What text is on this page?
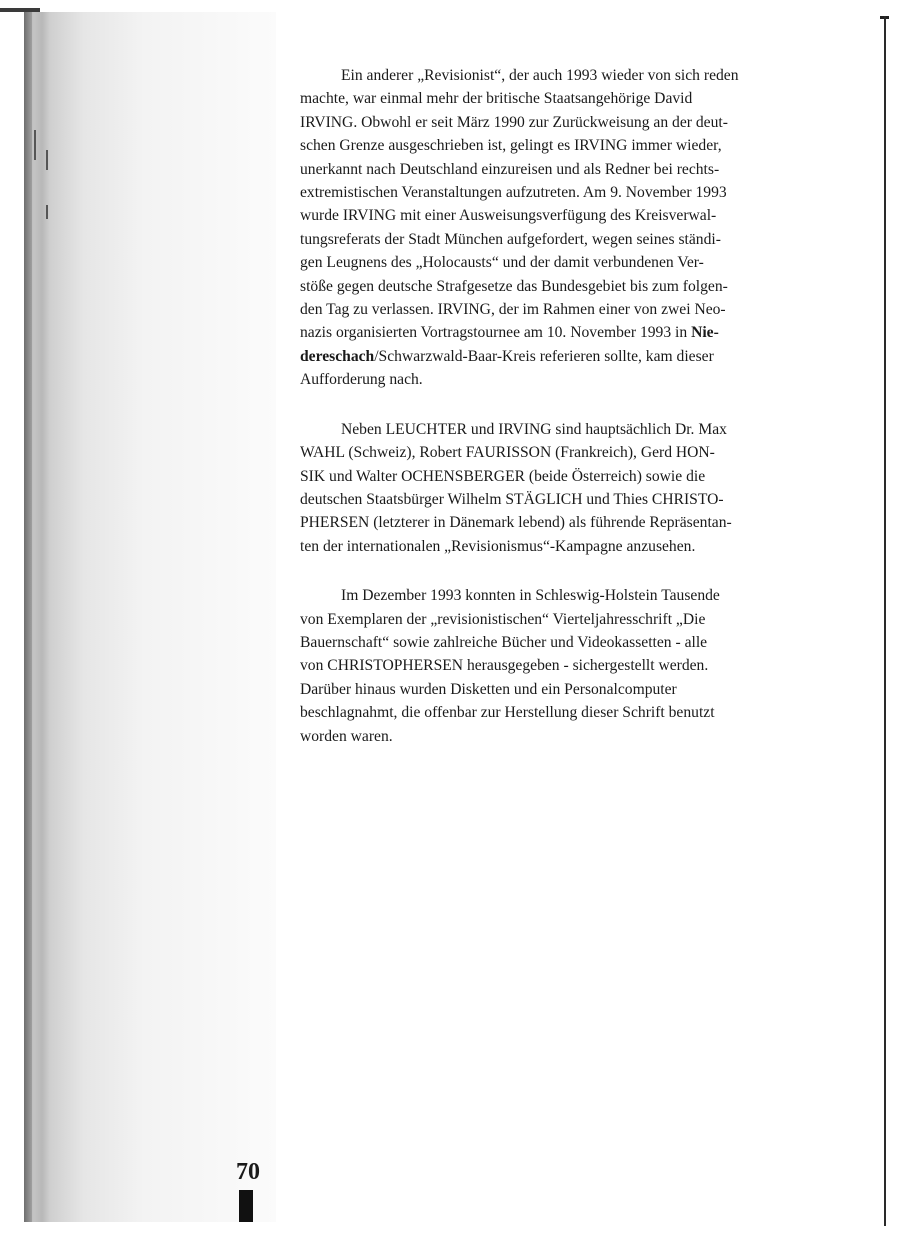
Ein anderer „Revisionist“, der auch 1993 wieder von sich reden
machte, war einmal mehr der britische Staatsangehörige David
IRVING. Obwohl er seit März 1990 zur Zurückweisung an der deut-
schen Grenze ausgeschrieben ist, gelingt es IRVING immer wieder,
unerkannt nach Deutschland einzureisen und als Redner bei rechts-
extremistischen Veranstaltungen aufzutreten. Am 9. November 1993
wurde IRVING mit einer Ausweisungsverfügung des Kreisverwal-
tungsreferats der Stadt München aufgefordert, wegen seines ständi-
gen Leugnens des „Holocausts“ und der damit verbundenen Ver-
stöße gegen deutsche Strafgesetze das Bundesgebiet bis zum folgen-
den Tag zu verlassen. IRVING, der im Rahmen einer von zwei Neo-
nazis organisierten Vortragstournee am 10. November 1993 in Nie-
dereschach/Schwarzwald-Baar-Kreis referieren sollte, kam dieser
Aufforderung nach.

Neben LEUCHTER und IRVING sind hauptsächlich Dr. Max
WAHL (Schweiz), Robert FAURISSON (Frankreich), Gerd HON-
SIK und Walter OCHENSBERGER (beide Österreich) sowie die
deutschen Staatsbürger Wilhelm STÄGLICH und Thies CHRISTO-
PHERSEN (letzterer in Dänemark lebend) als führende Repräsentan-
ten der internationalen „Revisionismus“-Kampagne anzusehen.

Im Dezember 1993 konnten in Schleswig-Holstein Tausende
von Exemplaren der „revisionistischen“ Vierteljahresschrift „Die
Bauernschaft“ sowie zahlreiche Bücher und Videokassetten - alle
von CHRISTOPHERSEN herausgegeben - sichergestellt werden.
Darüber hinaus wurden Disketten und ein Personalcomputer
beschlagnahmt, die offenbar zur Herstellung dieser Schrift benutzt
worden waren.

70
